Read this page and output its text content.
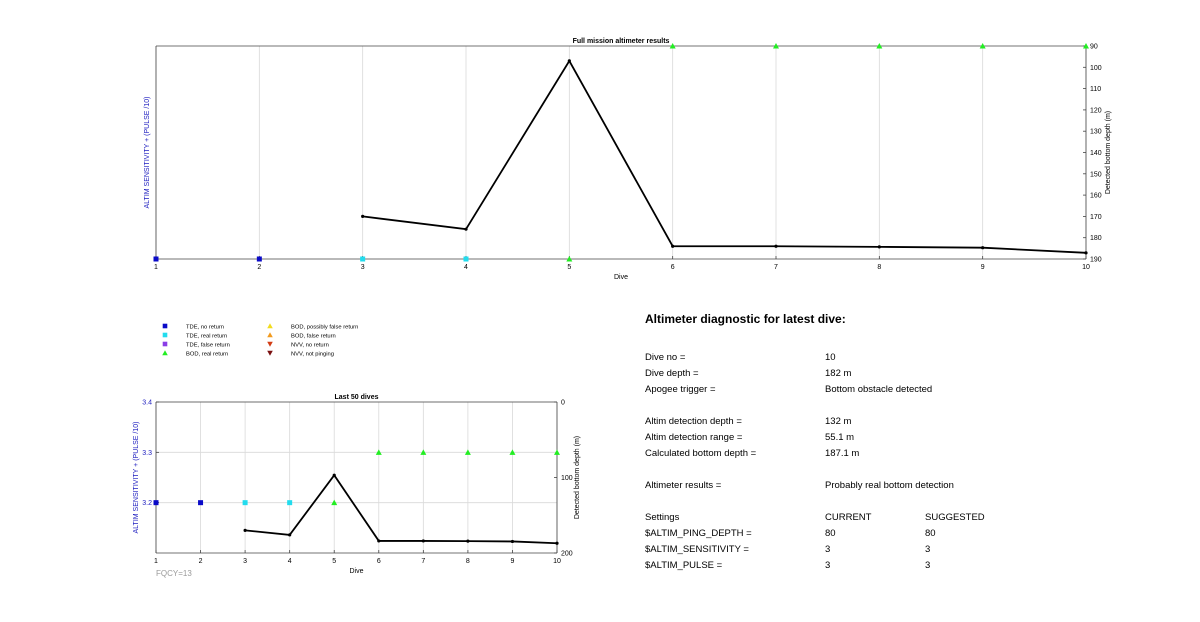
Full mission altimeter results
1	2	3	4	5	6	7	8	9	10
Dive
90
100
110
120
130
140
150
160
170
180
190
Detected bottom depth (m)
ALTIM SENSITIVITY + (PULSE /10)
TDE, no return
TDE, real return
TDE, false return
BOD, real return
BOD, possibly false return
BOD, false return
NVV, no return
NVV, not pinging
Last 50 dives
1	2	3	4	5	6	7	8	9	10
Dive
0
100
200
Detected bottom depth (m)
3.2
3.3
3.4
ALTIM SENSITIVITY + (PULSE /10)
FQCY=13
Altimeter diagnostic for latest dive:
Dive no =	10
Dive depth =	182 m
Apogee trigger =	Bottom obstacle detected
Altim detection depth =	132 m
Altim detection range =	55.1 m
Calculated bottom depth =	187.1 m
Altimeter results =	Probably real bottom detection
Settings	CURRENT	SUGGESTED
$ALTIM_PING_DEPTH =	80	80
$ALTIM_SENSITIVITY =	3	3
$ALTIM_PULSE =	3	3
